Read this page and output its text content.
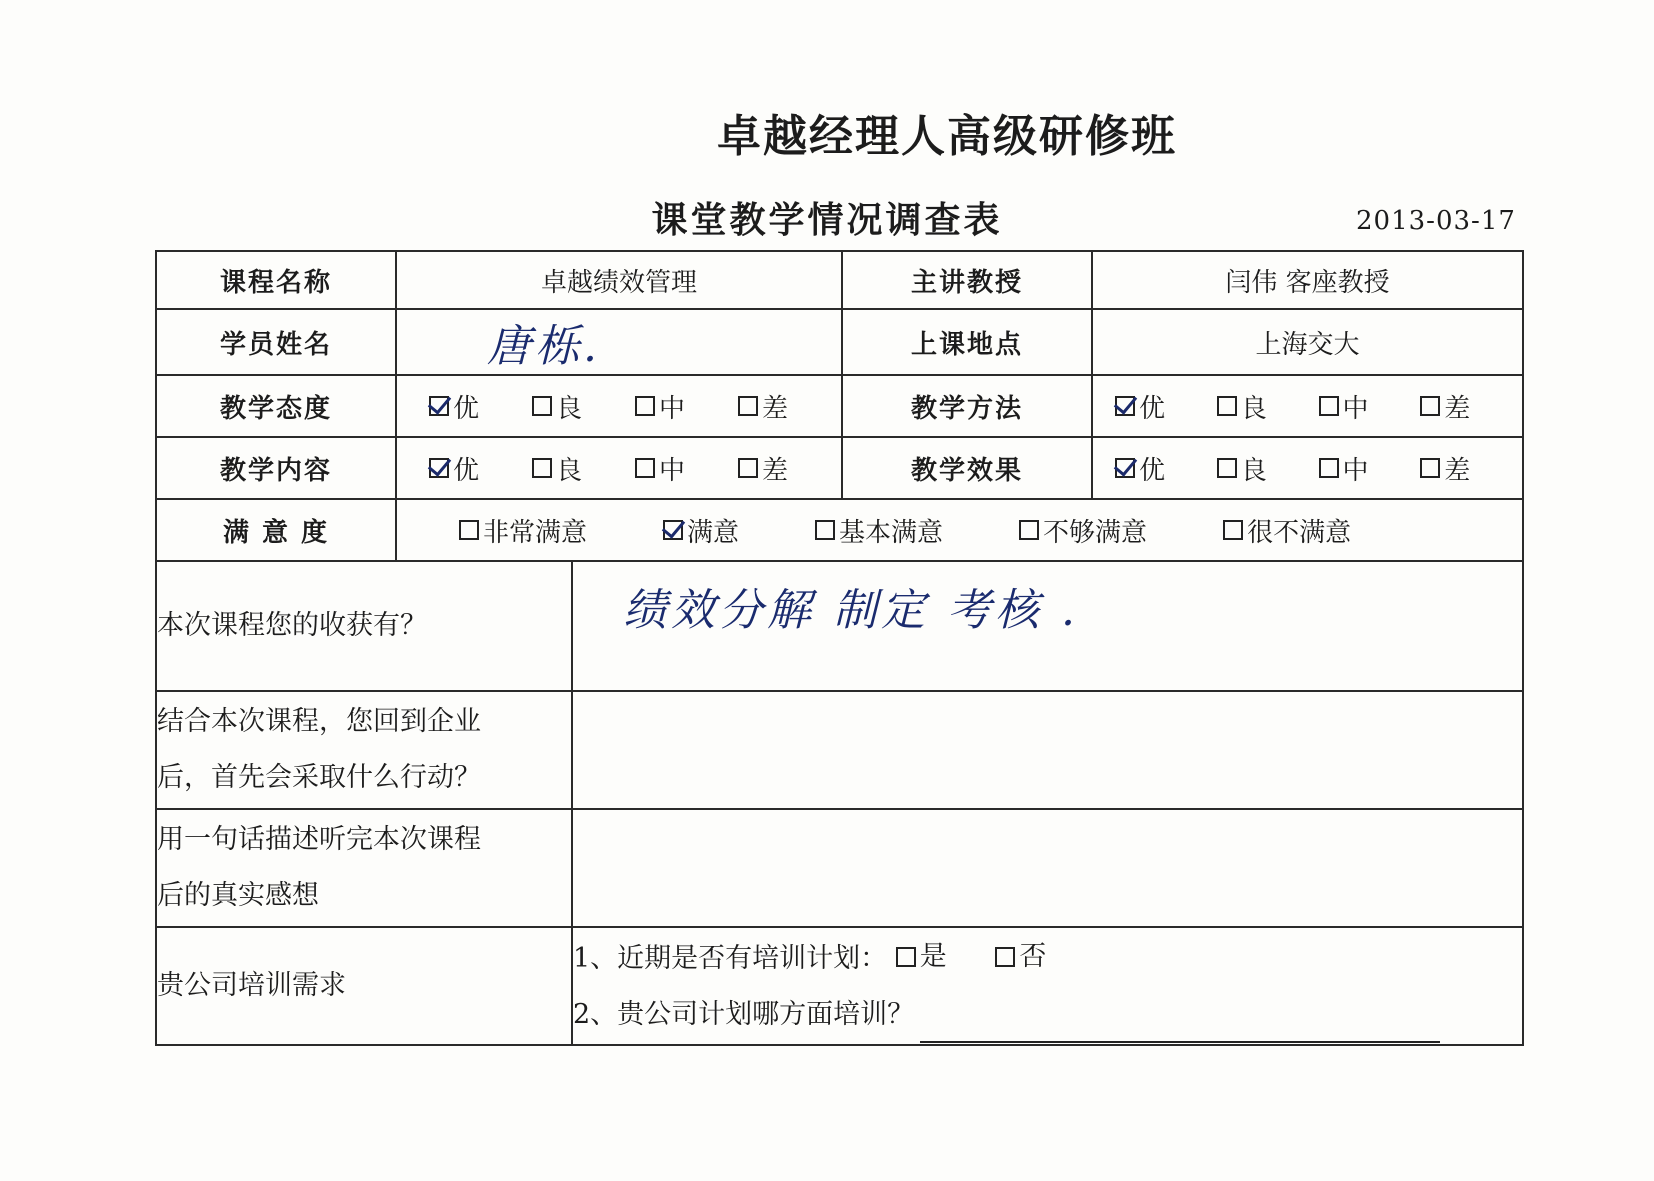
卓越经理人高级研修班
课堂教学情况调查表	2013-03-17
课程名称	卓越绩效管理		主讲教授	闫伟 客座教授
学员姓名	唐栎.		上课地点	上海交大
教学态度	优 良 中 差		教学方法	优 良 中 差

教学内容	优 良 中 差		教学效果	优 良 中 差

满 意 度	非常满意 满意 基本满意 不够满意 很不满意			

本次课程您的收获有？		绩效分解 制定 考核 .		

结合本次课程，您回到企业
后，首先会采取什么行动？				

用一句话描述听完本次课程
后的真实感想				

贵公司培训需求		1、近期是否有培训计划： 是
否
2、贵公司计划哪方面培训？		
